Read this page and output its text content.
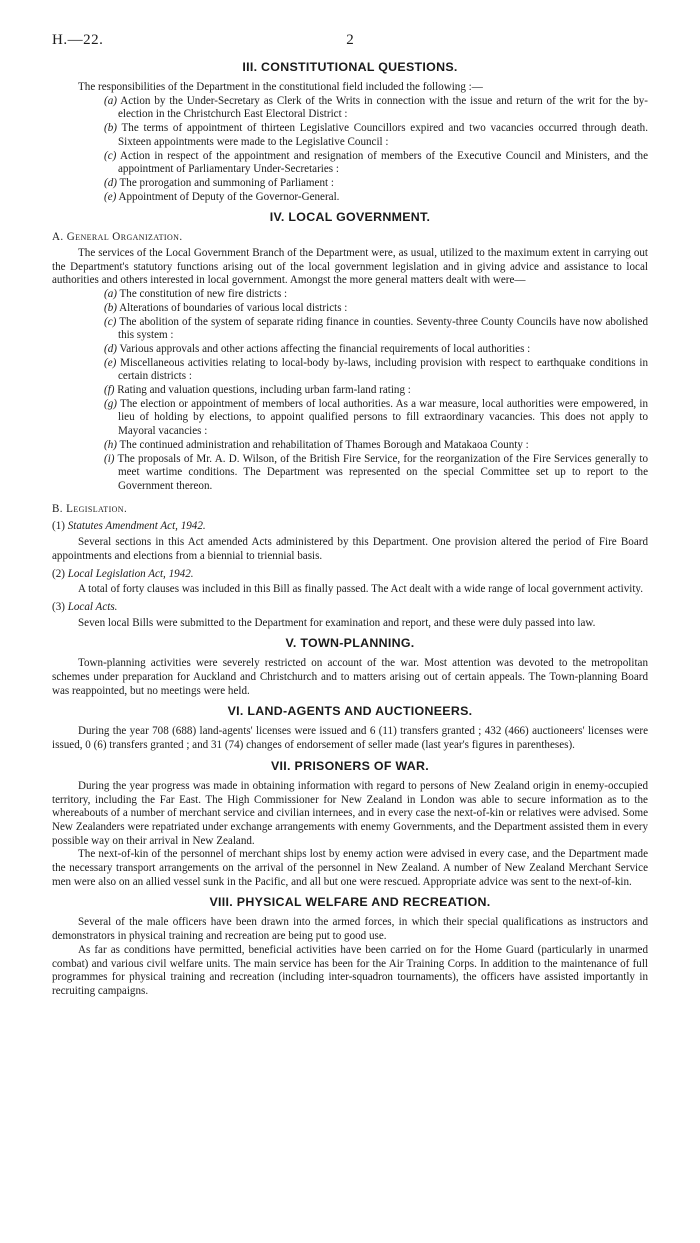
H.—22.	2
III. CONSTITUTIONAL QUESTIONS.

The responsibilities of the Department in the constitutional field included the following :—

(a) Action by the Under-Secretary as Clerk of the Writs in connection with the issue and return of the writ for the by-election in the Christchurch East Electoral District :
(b) The terms of appointment of thirteen Legislative Councillors expired and two vacancies occurred through death. Sixteen appointments were made to the Legislative Council :
(c) Action in respect of the appointment and resignation of members of the Executive Council and Ministers, and the appointment of Parliamentary Under-Secretaries :
(d) The prorogation and summoning of Parliament :
(e) Appointment of Deputy of the Governor-General.
IV. LOCAL GOVERNMENT.

A. General Organization.

The services of the Local Government Branch of the Department were, as usual, utilized to the maximum extent in carrying out the Department's statutory functions arising out of the local government legislation and in giving advice and assistance to local authorities and others interested in local government. Amongst the more general matters dealt with were—

(a) The constitution of new fire districts :
(b) Alterations of boundaries of various local districts :
(c) The abolition of the system of separate riding finance in counties. Seventy-three County Councils have now abolished this system :
(d) Various approvals and other actions affecting the financial requirements of local authorities :
(e) Miscellaneous activities relating to local-body by-laws, including provision with respect to earthquake conditions in certain districts :
(f) Rating and valuation questions, including urban farm-land rating :
(g) The election or appointment of members of local authorities. As a war measure, local authorities were empowered, in lieu of holding by elections, to appoint qualified persons to fill extraordinary vacancies. This does not apply to Mayoral vacancies :
(h) The continued administration and rehabilitation of Thames Borough and Matakaoa County :
(i) The proposals of Mr. A. D. Wilson, of the British Fire Service, for the reorganization of the Fire Services generally to meet wartime conditions. The Department was represented on the special Committee set up to report to the Government thereon.

B. Legislation.

(1) Statutes Amendment Act, 1942.

Several sections in this Act amended Acts administered by this Department. One provision altered the period of Fire Board appointments and elections from a biennial to triennial basis.

(2) Local Legislation Act, 1942.

A total of forty clauses was included in this Bill as finally passed. The Act dealt with a wide range of local government activity.

(3) Local Acts.

Seven local Bills were submitted to the Department for examination and report, and these were duly passed into law.

V. TOWN-PLANNING.

Town-planning activities were severely restricted on account of the war. Most attention was devoted to the metropolitan schemes under preparation for Auckland and Christchurch and to matters arising out of certain appeals. The Town-planning Board was reappointed, but no meetings were held.

VI. LAND-AGENTS AND AUCTIONEERS.

During the year 708 (688) land-agents' licenses were issued and 6 (11) transfers granted ; 432 (466) auctioneers' licenses were issued, 0 (6) transfers granted ; and 31 (74) changes of endorsement of seller made (last year's figures in parentheses).

VII. PRISONERS OF WAR.

During the year progress was made in obtaining information with regard to persons of New Zealand origin in enemy-occupied territory, including the Far East. The High Commissioner for New Zealand in London was able to secure information as to the whereabouts of a number of merchant service and civilian internees, and in every case the next-of-kin or relatives were advised. Some New Zealanders were repatriated under exchange arrangements with enemy Governments, and the Department assisted them in every possible way on their arrival in New Zealand.

The next-of-kin of the personnel of merchant ships lost by enemy action were advised in every case, and the Department made the necessary transport arrangements on the arrival of the personnel in New Zealand. A number of New Zealand Merchant Service men were also on an allied vessel sunk in the Pacific, and all but one were rescued. Appropriate advice was sent to the next-of-kin.

VIII. PHYSICAL WELFARE AND RECREATION.

Several of the male officers have been drawn into the armed forces, in which their special qualifications as instructors and demonstrators in physical training and recreation are being put to good use.

As far as conditions have permitted, beneficial activities have been carried on for the Home Guard (particularly in unarmed combat) and various civil welfare units. The main service has been for the Air Training Corps. In addition to the maintenance of full programmes for physical training and recreation (including inter-squadron tournaments), the officers have assisted importantly in recruiting campaigns.
